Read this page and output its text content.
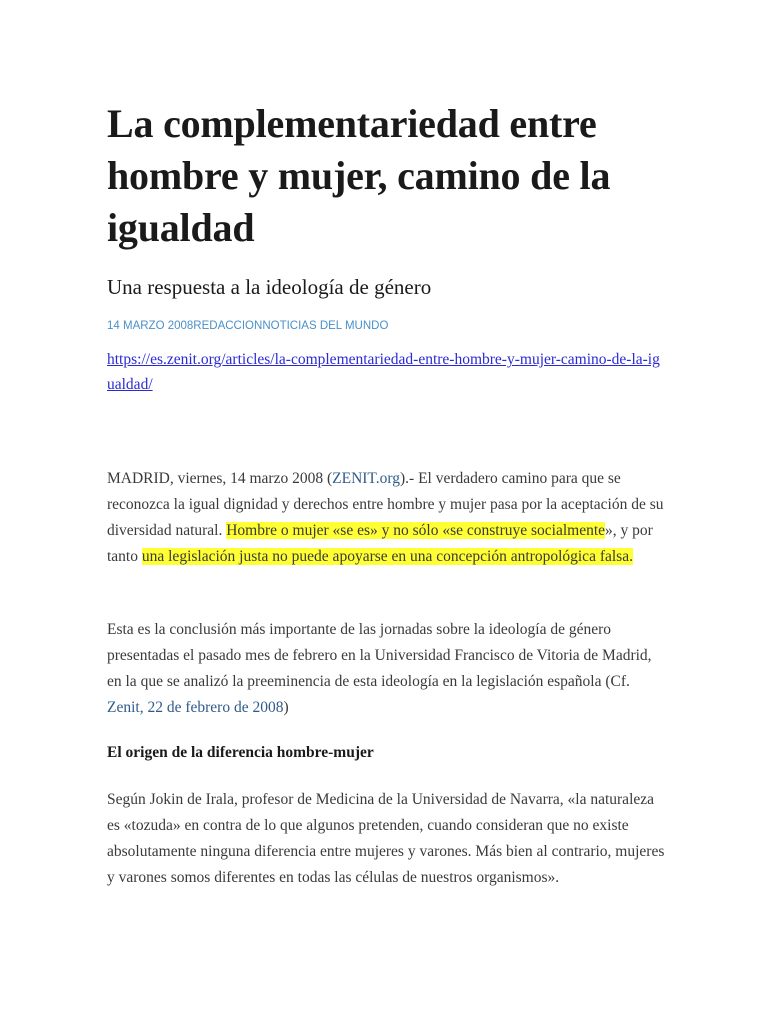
La complementariedad entre hombre y mujer, camino de la igualdad
Una respuesta a la ideología de género
14 MARZO 2008REDACCIONNOTICIAS DEL MUNDO
https://es.zenit.org/articles/la-complementariedad-entre-hombre-y-mujer-camino-de-la-igualdad/

MADRID, viernes, 14 marzo 2008 (ZENIT.org).- El verdadero camino para que se reconozca la igual dignidad y derechos entre hombre y mujer pasa por la aceptación de su diversidad natural. Hombre o mujer «se es» y no sólo «se construye socialmente», y por tanto una legislación justa no puede apoyarse en una concepción antropológica falsa.

Esta es la conclusión más importante de las jornadas sobre la ideología de género presentadas el pasado mes de febrero en la Universidad Francisco de Vitoria de Madrid, en la que se analizó la preeminencia de esta ideología en la legislación española (Cf. Zenit, 22 de febrero de 2008)

El origen de la diferencia hombre-mujer

Según Jokin de Irala, profesor de Medicina de la Universidad de Navarra, «la naturaleza es «tozuda» en contra de lo que algunos pretenden, cuando consideran que no existe absolutamente ninguna diferencia entre mujeres y varones. Más bien al contrario, mujeres y varones somos diferentes en todas las células de nuestros organismos».
